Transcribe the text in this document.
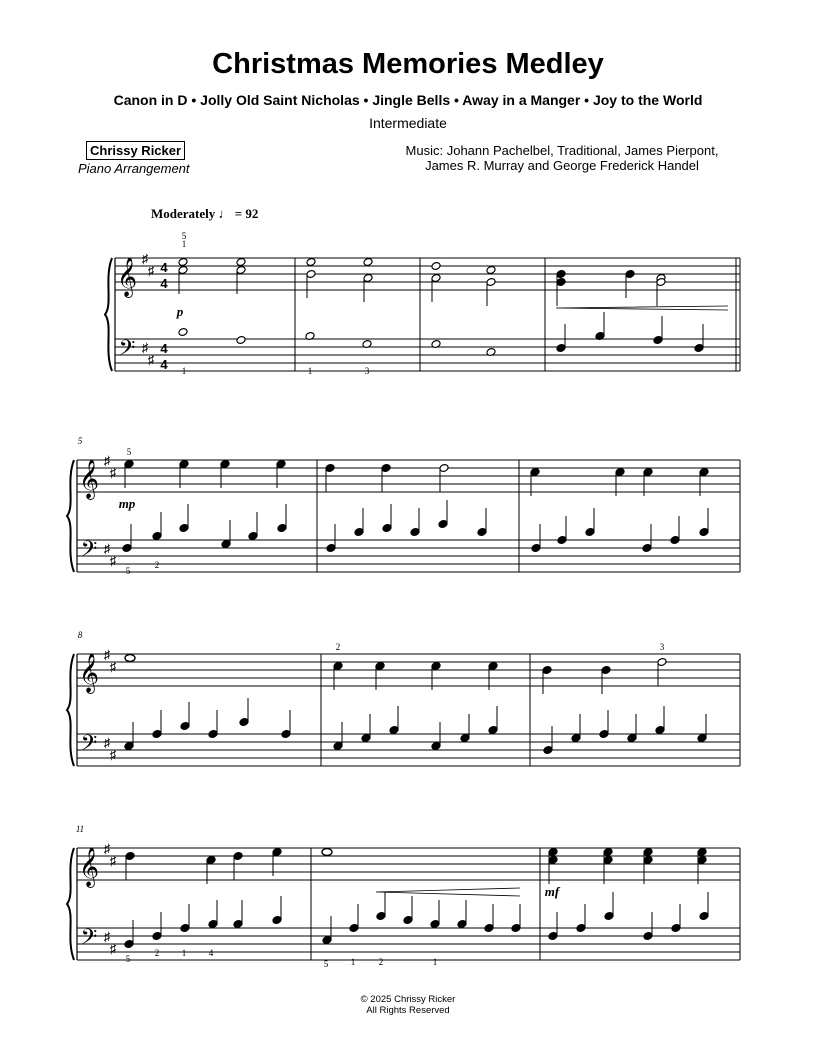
Christmas Memories Medley
Canon in D • Jolly Old Saint Nicholas • Jingle Bells • Away in a Manger • Joy to the World
Intermediate
Chrissy Ricker
Piano Arrangement
Music: Johann Pachelbel, Traditional, James Pierpont,
James R. Murray and George Frederick Handel
Moderately ♩ = 92
𝄞
𝄢
♯
♯
♯
♯
4
4
4
4
p
5
1
1	1	3
𝄞
𝄢
♯
♯
♯
♯
5
mp
5
5
2
𝄞
𝄢
♯
♯
♯
♯
8
2	3
𝄞
𝄢
♯
♯
♯
♯
11
mf
5
2	1	4
5	1	2	1
© 2025 Chrissy Ricker
All Rights Reserved
